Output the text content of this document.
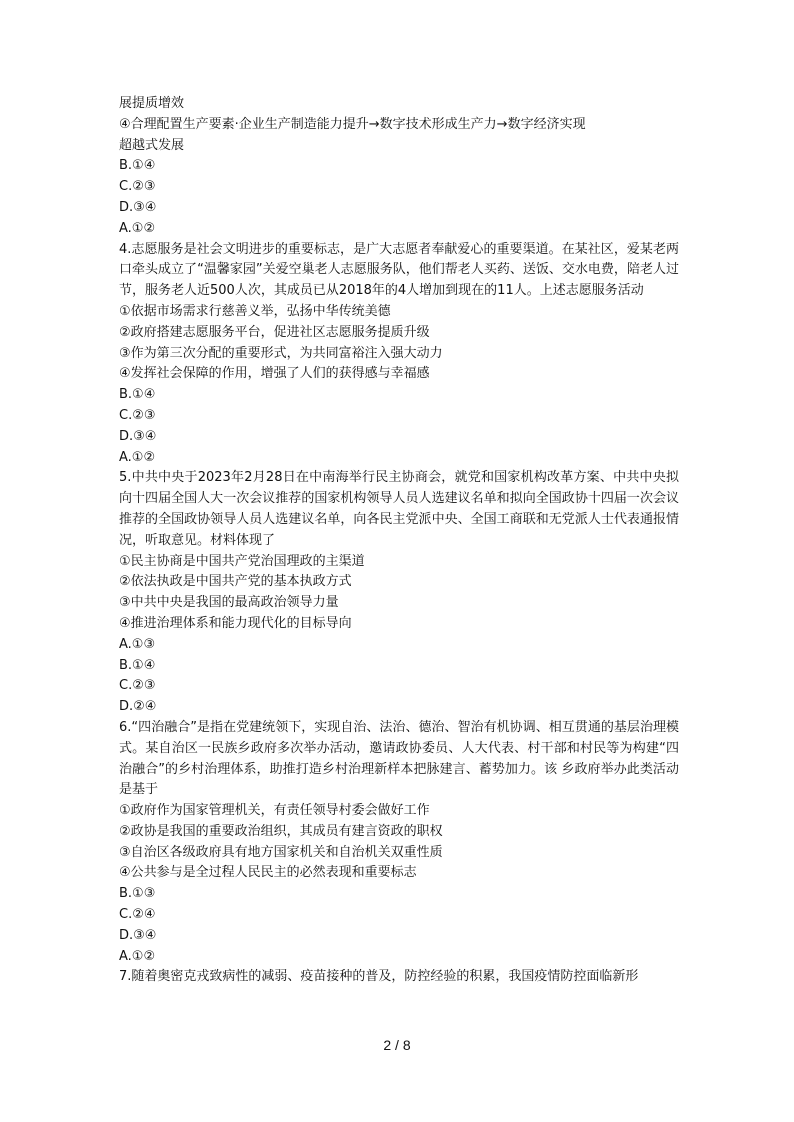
展提质增效
④合理配置生产要素·企业生产制造能力提升→数字技术形成生产力→数字经济实现
超越式发展
B.①④
C.②③
D.③④
A.①②
4.志愿服务是社会文明进步的重要标志，是广大志愿者奉献爱心的重要渠道。在某社区，爱某老两口牵头成立了“温馨家园”关爱空巢老人志愿服务队，他们帮老人买药、送饭、交水电费，陪老人过节，服务老人近500人次，其成员已从2018年的4人增加到现在的11人。上述志愿服务活动
①依据市场需求行慈善义举，弘扬中华传统美德
②政府搭建志愿服务平台，促进社区志愿服务提质升级
③作为第三次分配的重要形式，为共同富裕注入强大动力
④发挥社会保障的作用，增强了人们的获得感与幸福感
B.①④
C.②③
D.③④
A.①②
5.中共中央于2023年2月28日在中南海举行民主协商会，就党和国家机构改革方案、中共中央拟向十四届全国人大一次会议推荐的国家机构领导人员人选建议名单和拟向全国政协十四届一次会议推荐的全国政协领导人员人选建议名单，向各民主党派中央、全国工商联和无党派人士代表通报情况，听取意见。材料体现了
①民主协商是中国共产党治国理政的主渠道
②依法执政是中国共产党的基本执政方式
③中共中央是我国的最高政治领导力量
④推进治理体系和能力现代化的目标导向
A.①③
B.①④
C.②③
D.②④
6.“四治融合”是指在党建统领下，实现自治、法治、德治、智治有机协调、相互贯通的基层治理模式。某自治区一民族乡政府多次举办活动，邀请政协委员、人大代表、村干部和村民等为构建“四治融合”的乡村治理体系，助推打造乡村治理新样本把脉建言、蓄势加力。该 乡政府举办此类活动是基于
①政府作为国家管理机关，有责任领导村委会做好工作
②政协是我国的重要政治组织，其成员有建言资政的职权
③自治区各级政府具有地方国家机关和自治机关双重性质
④公共参与是全过程人民民主的必然表现和重要标志
B.①③
C.②④
D.③④
A.①②
7.随着奥密克戎致病性的减弱、疫苗接种的普及，防控经验的积累，我国疫情防控面临新形
2 / 8
